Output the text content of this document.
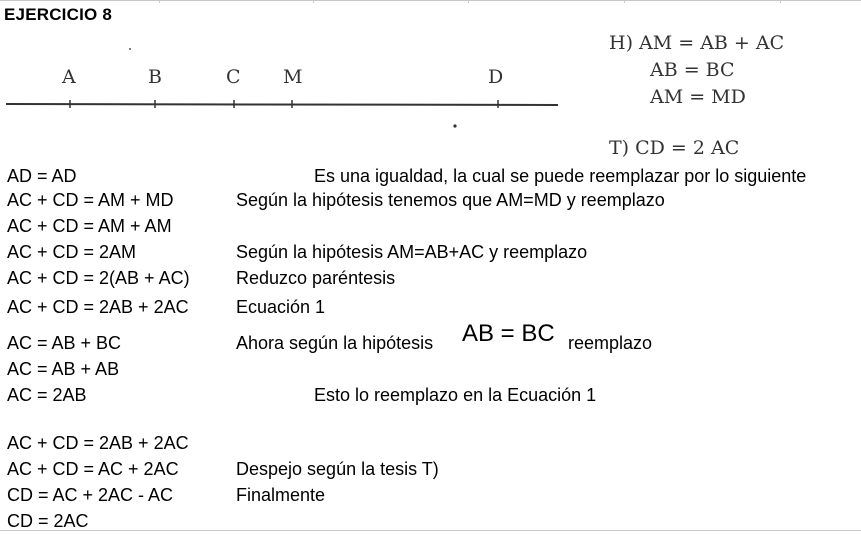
EJERCICIO 8
A	B	C M	D
H) AM = AB + AC
AB = BC
AM = MD
T) CD = 2 AC
AD = AD	Es una igualdad, la cual se puede reemplazar por lo siguiente
AC + CD = AM + MD	Según la hipótesis tenemos que AM=MD y reemplazo
AC + CD = AM + AM
AC + CD = 2AM	Según la hipótesis AM=AB+AC y reemplazo
AC + CD = 2(AB + AC)	Reduzco paréntesis
AC + CD = 2AB + 2AC	Ecuación 1
AC = AB + BC	Ahora según la hipótesis AB = BC reemplazo
AC = AB + AB
AC = 2AB	Esto lo reemplazo en la Ecuación 1
AC + CD = 2AB + 2AC
AC + CD = AC + 2AC	Despejo según la tesis T)
CD = AC + 2AC - AC	Finalmente
CD = 2AC
